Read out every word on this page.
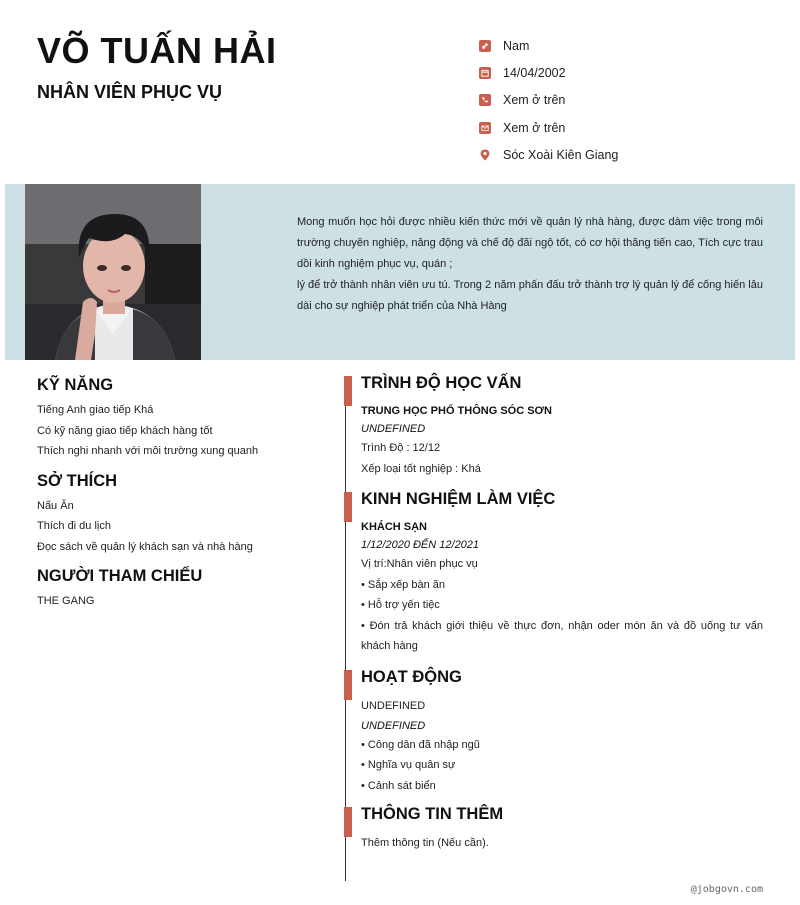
VÕ TUẤN HẢI
NHÂN VIÊN PHỤC VỤ
Nam
14/04/2002
Xem ở trên
Xem ở trên
Sóc Xoài Kiên Giang

Mong muốn học hỏi được nhiều kiến thức mới về quản lý nhà hàng, được dàm việc trong môi trường chuyên nghiệp, năng động và chế độ đãi ngộ tốt, có cơ hội thăng tiến cao, Tích cực trau dồi kinh nghiệm phục vụ, quán ;

lý để trở thành nhân viên ưu tú. Trong 2 năm phấn đấu trở thành trợ lý quản lý để cống hiến lâu dài cho sự nghiệp phát triển của Nhà Hàng

KỸ NĂNG
Tiếng Anh giao tiếp Khá
Có kỹ năng giao tiếp khách hàng tốt
Thích nghi nhanh với môi trường xung quanh
SỞ THÍCH
Nấu Ăn
Thích đi du lịch
Đọc sách về quản lý khách sạn và nhà hàng
NGƯỜI THAM CHIẾU
THE GANG
TRÌNH ĐỘ HỌC VẤN
TRUNG HỌC PHỔ THÔNG SÓC SƠN
UNDEFINED
Trình Độ : 12/12
Xếp loại tốt nghiệp : Khá
KINH NGHIỆM LÀM VIỆC
KHÁCH SẠN
1/12/2020 ĐẾN 12/2021
Vị trí:Nhân viên phục vụ
• Sắp xếp bàn ăn
• Hỗ trợ yến tiệc
• Đón trả khách giới thiệu về thực đơn, nhận oder món ăn và đồ uống tư vấn khách hàng
HOẠT ĐỘNG
UNDEFINED
UNDEFINED
• Công dân đã nhập ngũ
• Nghĩa vụ quân sự
• Cảnh sát biển
THÔNG TIN THÊM
Thêm thông tin (Nếu cần).
@jobgovn.com
